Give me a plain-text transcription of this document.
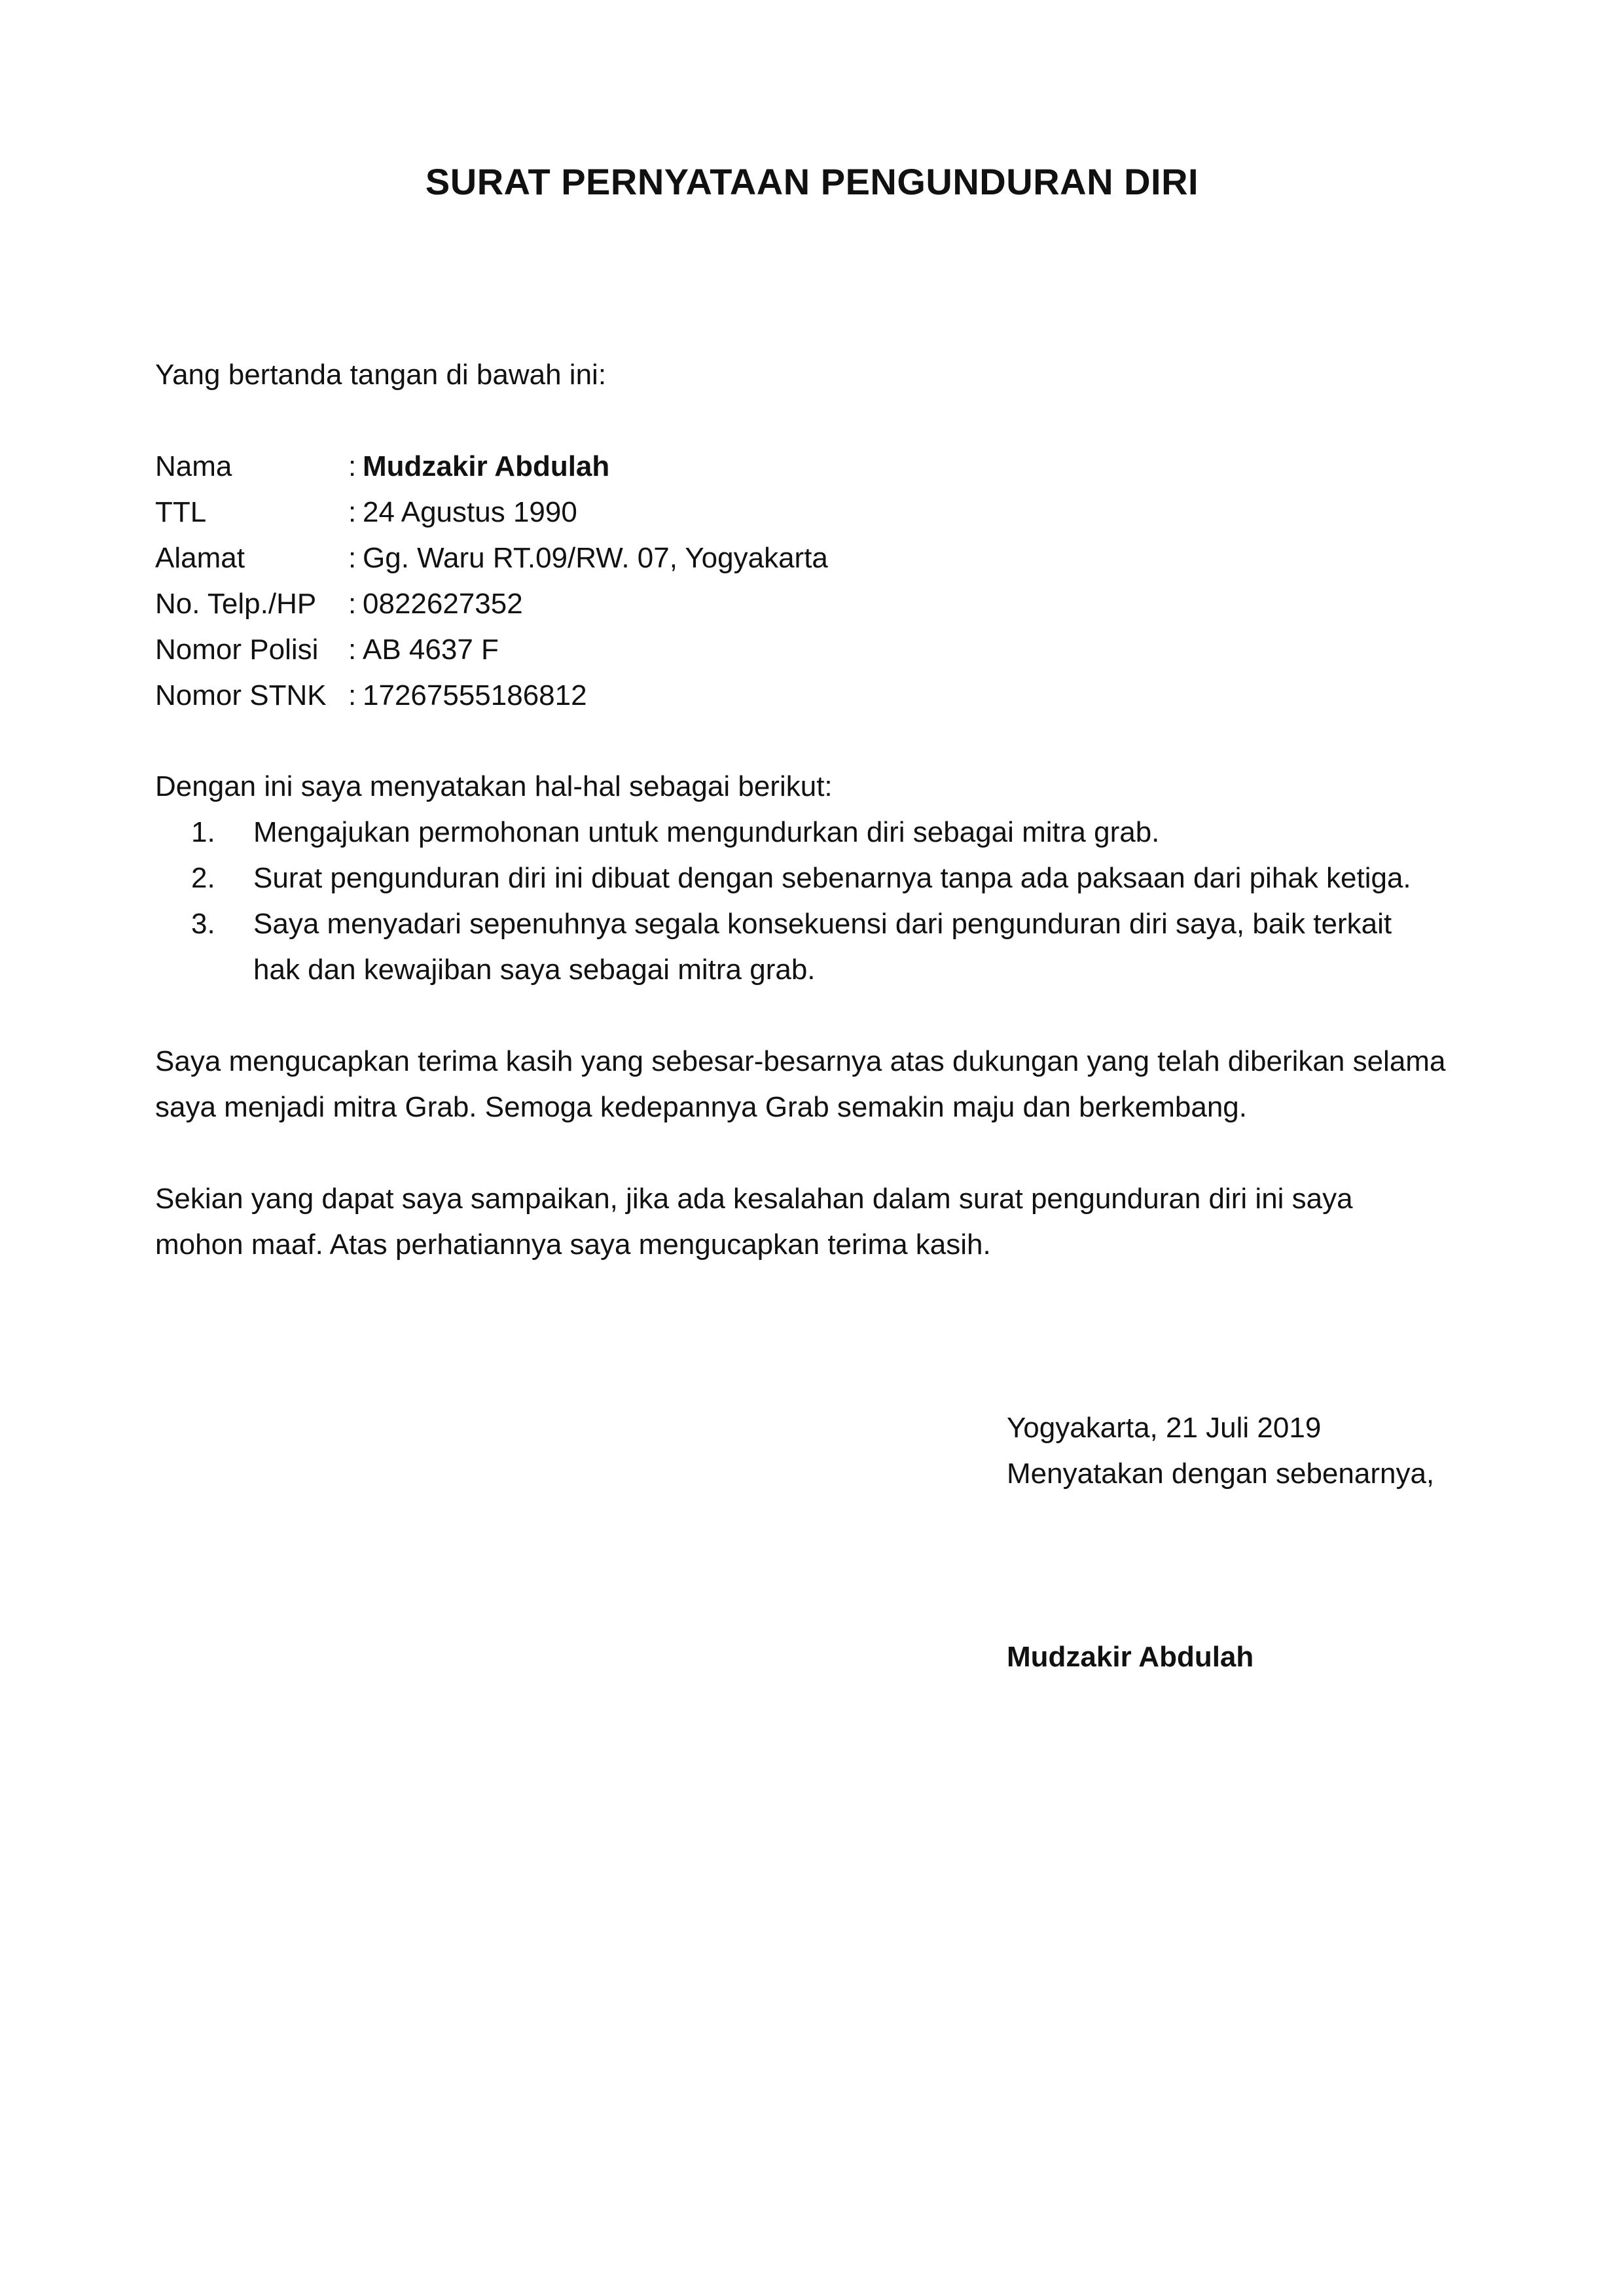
SURAT PERNYATAAN PENGUNDURAN DIRI
Yang bertanda tangan di bawah ini:
Nama	: Mudzakir Abdulah
TTL	: 24 Agustus 1990
Alamat	: Gg. Waru RT.09/RW. 07, Yogyakarta
No. Telp./HP	: 0822627352
Nomor Polisi	: AB 4637 F
Nomor STNK : 17267555186812
Dengan ini saya menyatakan hal-hal sebagai berikut:
1.	Mengajukan permohonan untuk mengundurkan diri sebagai mitra grab.
2.	Surat pengunduran diri ini dibuat dengan sebenarnya tanpa ada paksaan dari pihak ketiga.
3.	Saya menyadari sepenuhnya segala konsekuensi dari pengunduran diri saya, baik terkait hak dan kewajiban saya sebagai mitra grab.
Saya mengucapkan terima kasih yang sebesar-besarnya atas dukungan yang telah diberikan selama saya menjadi mitra Grab. Semoga kedepannya Grab semakin maju dan berkembang.
Sekian yang dapat saya sampaikan, jika ada kesalahan dalam surat pengunduran diri ini saya mohon maaf. Atas perhatiannya saya mengucapkan terima kasih.
Yogyakarta, 21 Juli 2019
Menyatakan dengan sebenarnya,
Mudzakir Abdulah
